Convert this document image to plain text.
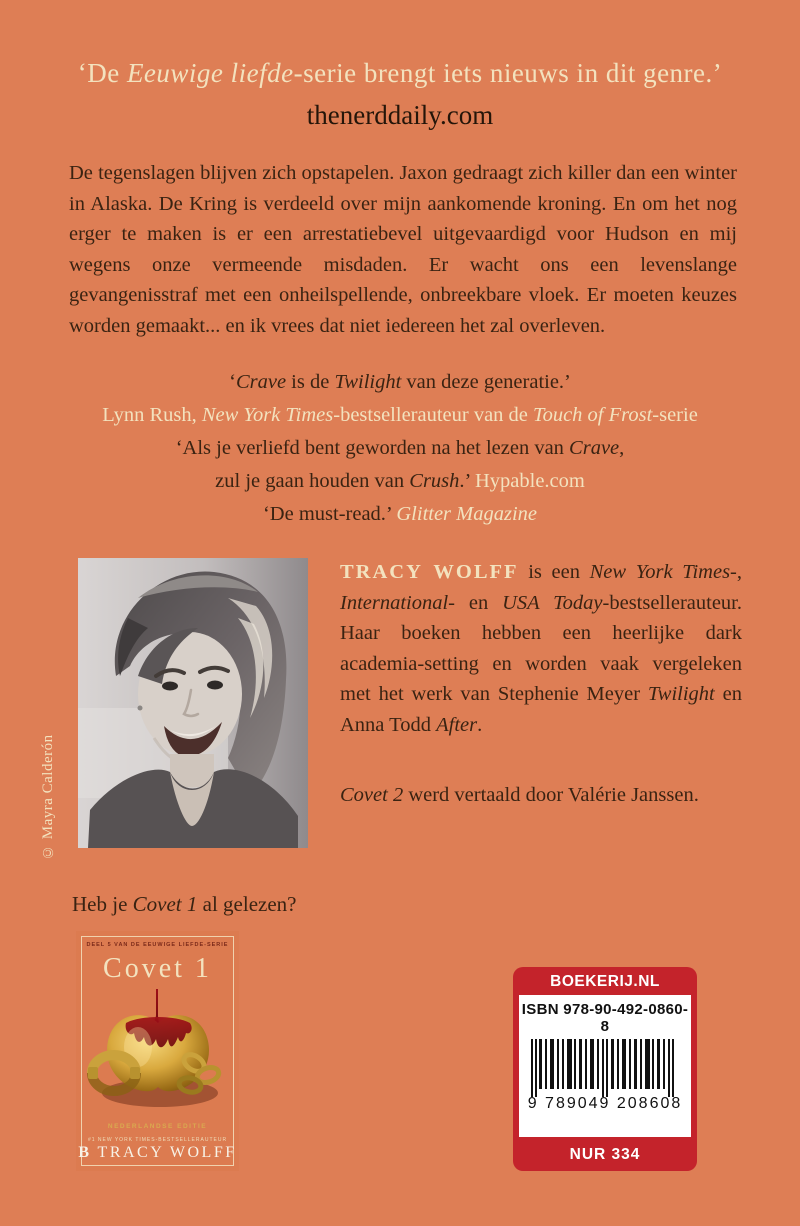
‘De Eeuwige liefde-serie brengt iets nieuws in dit genre.’
thenerddaily.com

De tegenslagen blijven zich opstapelen. Jaxon gedraagt zich killer dan een winter in Alaska. De Kring is verdeeld over mijn aankomende kroning. En om het nog erger te maken is er een arrestatiebevel uitgevaardigd voor Hudson en mij wegens onze vermeende misdaden. Er wacht ons een levenslange gevangenisstraf met een onheilspellende, onbreekbare vloek. Er moeten keuzes worden gemaakt... en ik vrees dat niet iedereen het zal overleven.

‘Crave is de Twilight van deze generatie.’
Lynn Rush, New York Times-bestsellerauteur van de Touch of Frost-serie
‘Als je verliefd bent geworden na het lezen van Crave,
zul je gaan houden van Crush.’ Hypable.com
‘De must-read.’ Glitter Magazine
© Mayra Calderón
TRACY WOLFF is een New York Times-, International- en USA Today-bestsellerauteur. Haar boeken hebben een heerlijke dark academia-setting en worden vaak vergeleken met het werk van Stephenie Meyer Twilight en Anna Todd After.
Covet 2 werd vertaald door Valérie Janssen.
Heb je Covet 1 al gelezen?
DEEL 5 VAN DE EEUWIGE LIEFDE-SERIE
Covet 1
NEDERLANDSE EDITIE
#1 NEW YORK TIMES-BESTSELLERAUTEUR
B TRACY WOLFF
BOEKERIJ.NL
ISBN 978-90-492-0860-8
9 789049 208608
NUR 334
